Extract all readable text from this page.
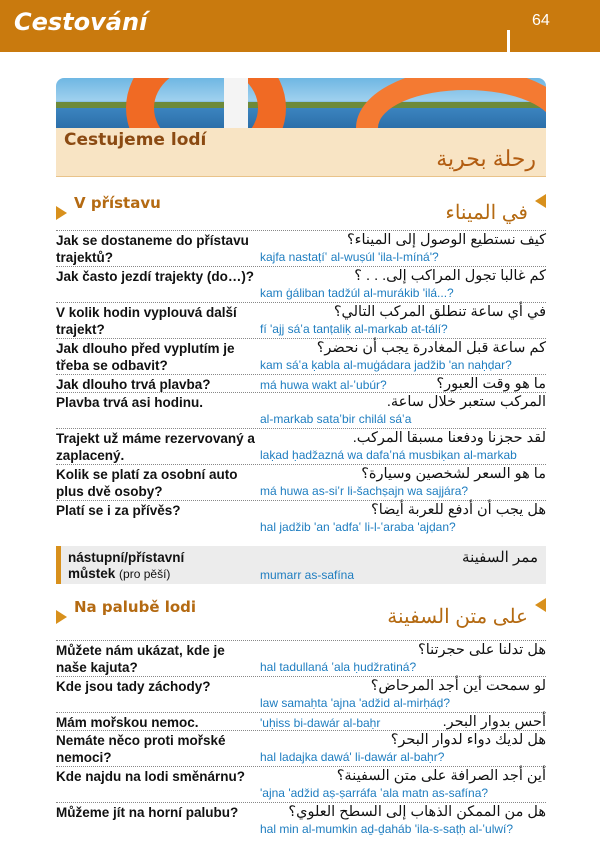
Cestování	64
Cestujeme lodí
رحلة بحرية
V přístavu	في الميناء
Jak se dostaneme do přístavu trajektů?
كيف نستطيع الوصول إلى الميناء؟
kajfa nastaṭí‛ al-wuṣúl 'ila-l-míná'?
Jak často jezdí trajekty (do…)?	كم غالبا تجول المراكب إلى. . . ؟
kam ġáliban tadžúl al-murákib 'ilá...?
V kolik hodin vyplouvá další trajekt?
في أي ساعة تنطلق المركب التالي؟
fí 'ajj sá‛a tanṭaliḳ al-markab at-tálí?
Jak dlouho před vyplutím je třeba se odbavit?
كم ساعة قبل المغادرة يجب أن نحضر؟
kam sá‛a ḳabla al-muġádara jadžib 'an naḥḍar?
Jak dlouho trvá plavba?	ما هو وقت العبور؟
má huwa wakt al-‛ubúr?
Plavba trvá asi hodinu.	المركب ستعبر خلال ساعة.
al-markab sata‛bir chilál sá‛a
Trajekt už máme rezervovaný a zaplacený.
لقد حجزنا ودفعنا مسبقا المركب.
laḳad ḥadžazná wa dafa‛ná musbiḳan al-markab
Kolik se platí za osobní auto plus dvě osoby?
ما هو السعر لشخصين وسيارة؟
má huwa as-si‛r li-šachṣajn wa sajjára?
Platí se i za přívěs?	هل يجب أن أدفع للعربة أيضا؟
hal jadžib 'an 'adfa‛ li-l-‛araba 'ajḍan?
nástupní/přístavní
můstek (pro pěší)
ممر السفينة
mumarr as-safína
Na palubě lodi	على متن السفينة
Můžete nám ukázat, kde je naše kajuta?
هل تدلنا على حجرتنا؟
hal tadullaná ‛ala ḥudžratiná?
Kde jsou tady záchody?	لو سمحت أين أجد المرحاض؟
law samaḥta 'ajna 'adžid al-mirḥáḍ?
Mám mořskou nemoc.	أحس بدوار البحر.
'uḥiss bi-dawár al-baḥr
Nemáte něco proti mořské nemoci?
هل لديك دواء لدوار البحر؟
hal ladajka dawá' li-dawár al-baḥr?
Kde najdu na lodi směnárnu?	أين أجد الصرافة على متن السفينة؟
'ajna 'adžid aṣ-ṣarráfa ‛ala matn as-safína?
Můžeme jít na horní palubu?	هل من الممكن الذهاب إلى السطح العلوي؟
hal min al-mumkin aḏ-ḏaháb 'ila-s-saṭḥ al-‛ulwí?
